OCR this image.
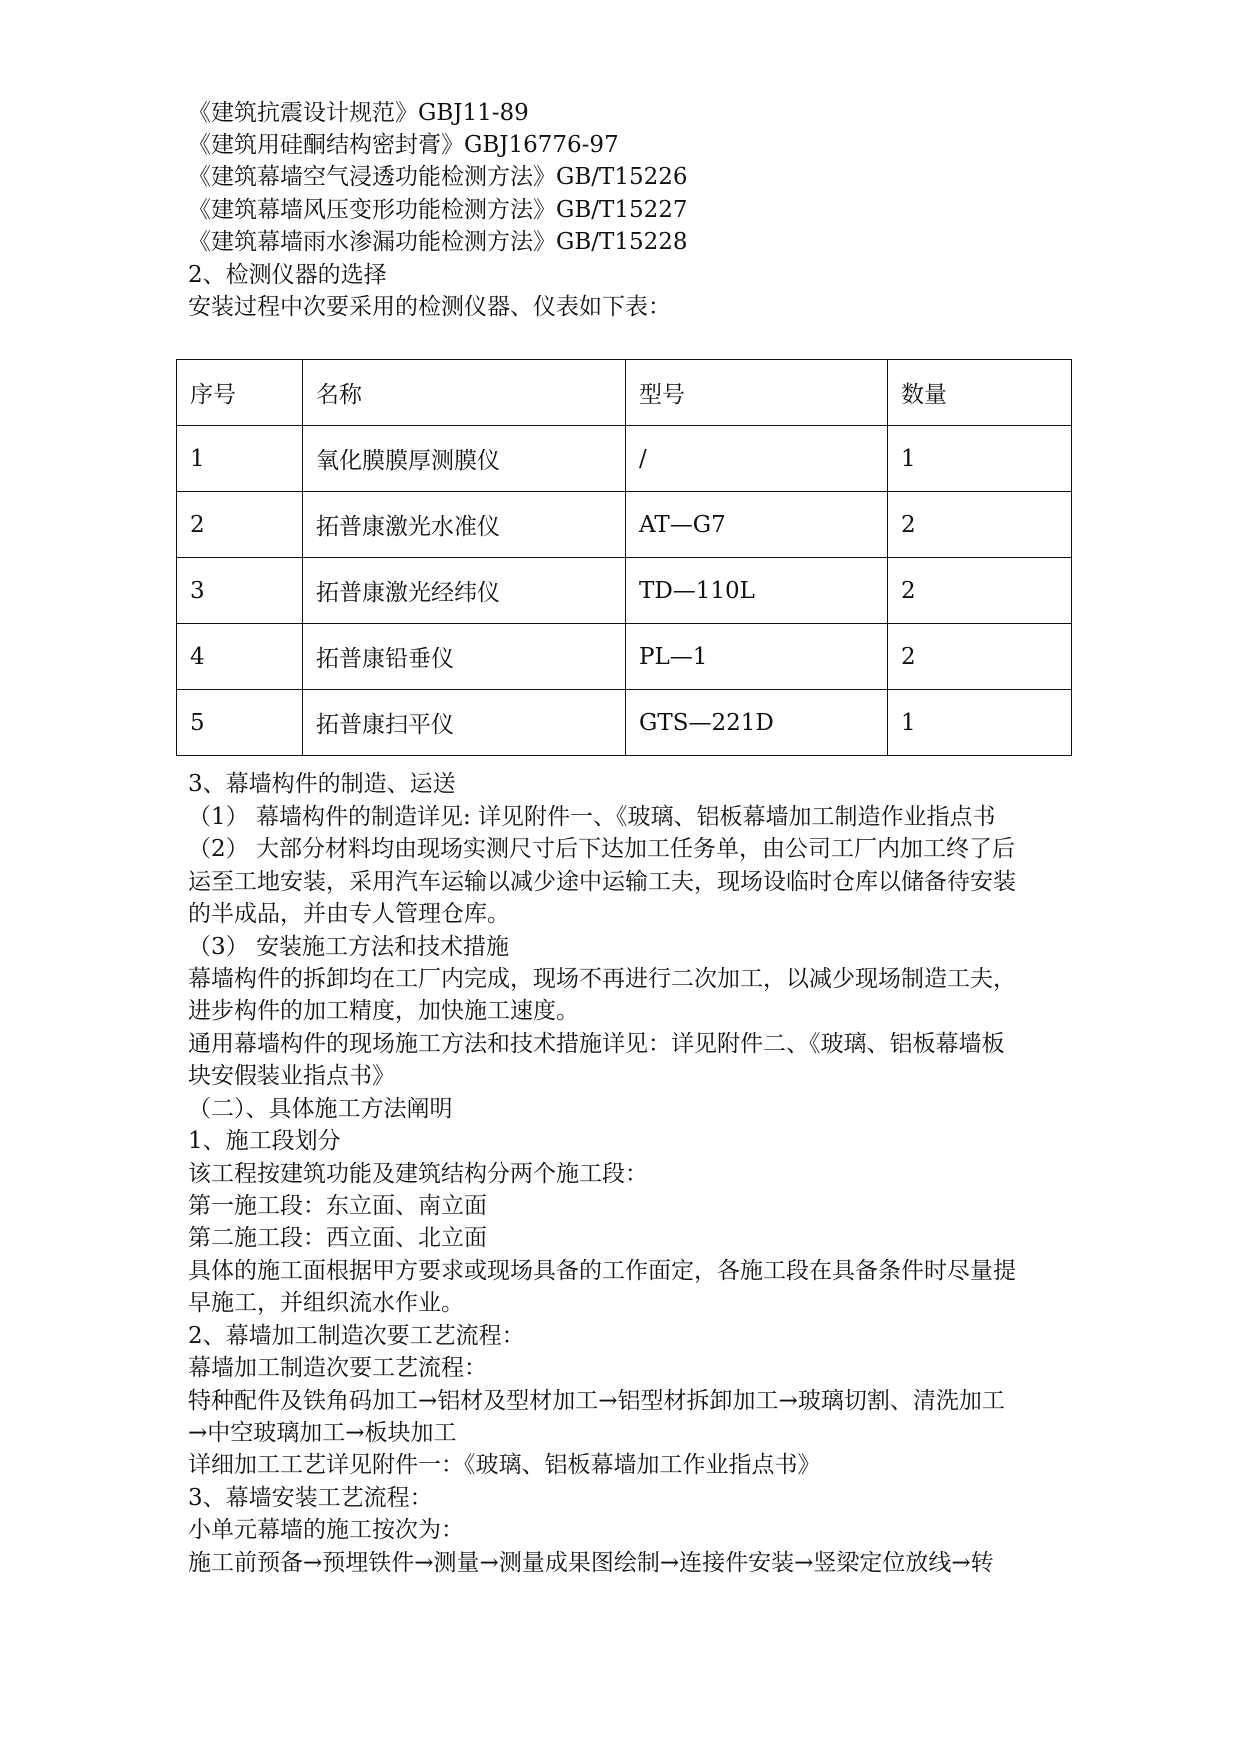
《建筑抗震设计规范》GBJ11-89
《建筑用硅酮结构密封膏》GBJ16776-97
《建筑幕墙空气浸透功能检测方法》GB/T15226
《建筑幕墙风压变形功能检测方法》GB/T15227
《建筑幕墙雨水渗漏功能检测方法》GB/T15228
2、检测仪器的选择
安装过程中次要采用的检测仪器、仪表如下表：
序号	名称	型号	数量
1	氧化膜膜厚测膜仪	/	1
2	拓普康激光水准仪	AT—G7	2
3	拓普康激光经纬仪	TD—110L	2
4	拓普康铅垂仪	PL—1	2
5	拓普康扫平仪	GTS—221D	1
3、幕墙构件的制造、运送
（1） 幕墙构件的制造详见: 详见附件一、《玻璃、铝板幕墙加工制造作业指点书
（2） 大部分材料均由现场实测尺寸后下达加工任务单，由公司工厂内加工终了后
运至工地安装，采用汽车运输以减少途中运输工夫，现场设临时仓库以储备待安装
的半成品，并由专人管理仓库。
（3） 安装施工方法和技术措施
幕墙构件的拆卸均在工厂内完成，现场不再进行二次加工，以减少现场制造工夫，
进步构件的加工精度，加快施工速度。
通用幕墙构件的现场施工方法和技术措施详见：详见附件二、《玻璃、铝板幕墙板
块安假装业指点书》
（二）、具体施工方法阐明
1、施工段划分
该工程按建筑功能及建筑结构分两个施工段：
第一施工段：东立面、南立面
第二施工段：西立面、北立面
具体的施工面根据甲方要求或现场具备的工作面定，各施工段在具备条件时尽量提
早施工，并组织流水作业。
2、幕墙加工制造次要工艺流程：
幕墙加工制造次要工艺流程：
特种配件及铁角码加工→铝材及型材加工→铝型材拆卸加工→玻璃切割、清洗加工
→中空玻璃加工→板块加工
详细加工工艺详见附件一：《玻璃、铝板幕墙加工作业指点书》
3、幕墙安装工艺流程：
小单元幕墙的施工按次为：
施工前预备→预埋铁件→测量→测量成果图绘制→连接件安装→竖梁定位放线→转
